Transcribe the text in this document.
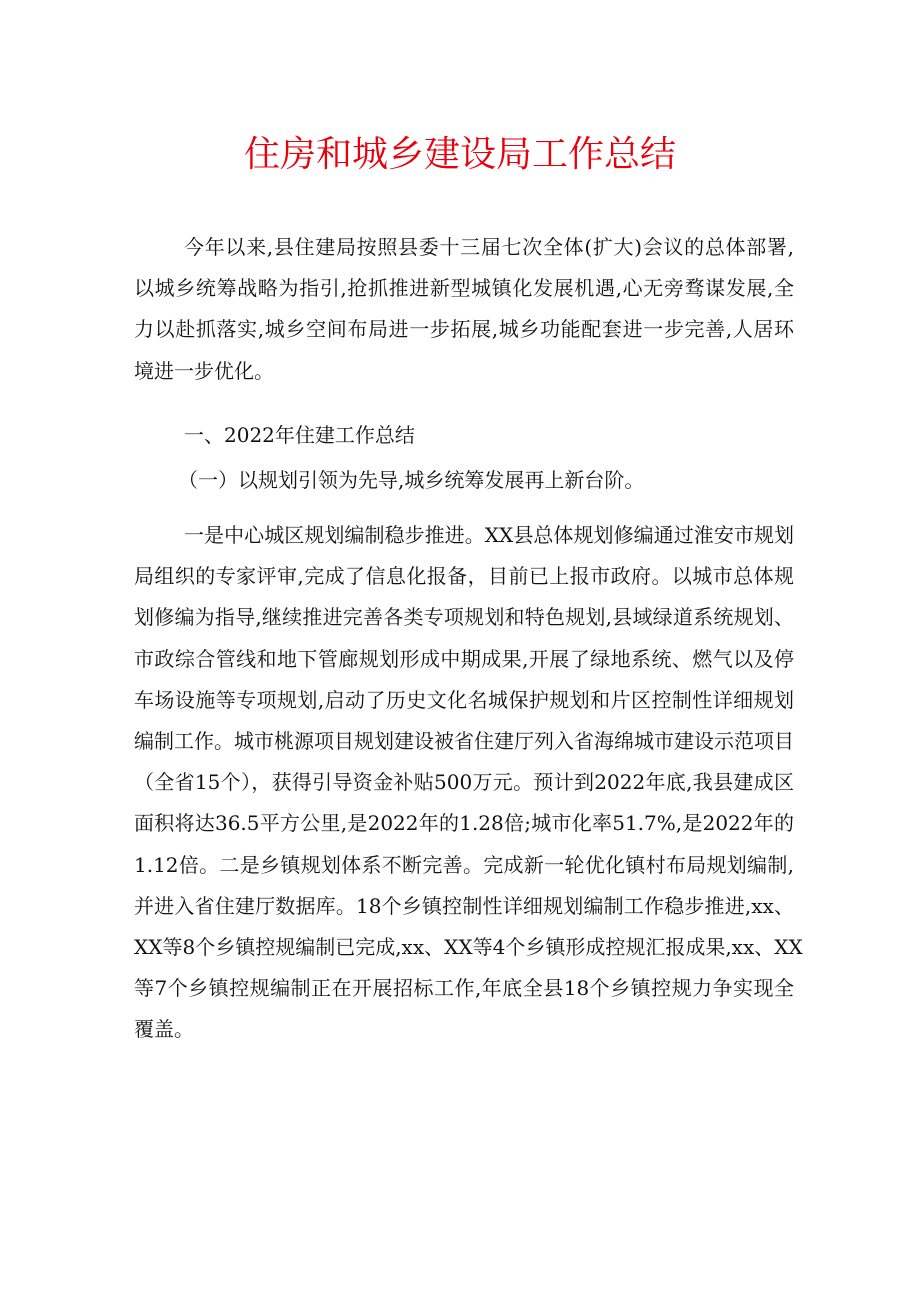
住房和城乡建设局工作总结
今年以来,县住建局按照县委十三届七次全体(扩大)会议的总体部署,
以城乡统筹战略为指引,抢抓推进新型城镇化发展机遇,心无旁骛谋发展,全
力以赴抓落实,城乡空间布局进一步拓展,城乡功能配套进一步完善,人居环
境进一步优化。
一、2022年住建工作总结
（一）以规划引领为先导,城乡统筹发展再上新台阶。
一是中心城区规划编制稳步推进。XX县总体规划修编通过淮安市规划
局组织的专家评审,完成了信息化报备，目前已上报市政府。以城市总体规
划修编为指导,继续推进完善各类专项规划和特色规划,县域绿道系统规划、
市政综合管线和地下管廊规划形成中期成果,开展了绿地系统、燃气以及停
车场设施等专项规划,启动了历史文化名城保护规划和片区控制性详细规划
编制工作。城市桃源项目规划建设被省住建厅列入省海绵城市建设示范项目
（全省15个），获得引导资金补贴500万元。预计到2022年底,我县建成区
面积将达36.5平方公里,是2022年的1.28倍;城市化率51.7%,是2022年的
1.12倍。二是乡镇规划体系不断完善。完成新一轮优化镇村布局规划编制,
并进入省住建厅数据库。18个乡镇控制性详细规划编制工作稳步推进,xx、
XX等8个乡镇控规编制已完成,xx、XX等4个乡镇形成控规汇报成果,xx、XX
等7个乡镇控规编制正在开展招标工作,年底全县18个乡镇控规力争实现全
覆盖。
